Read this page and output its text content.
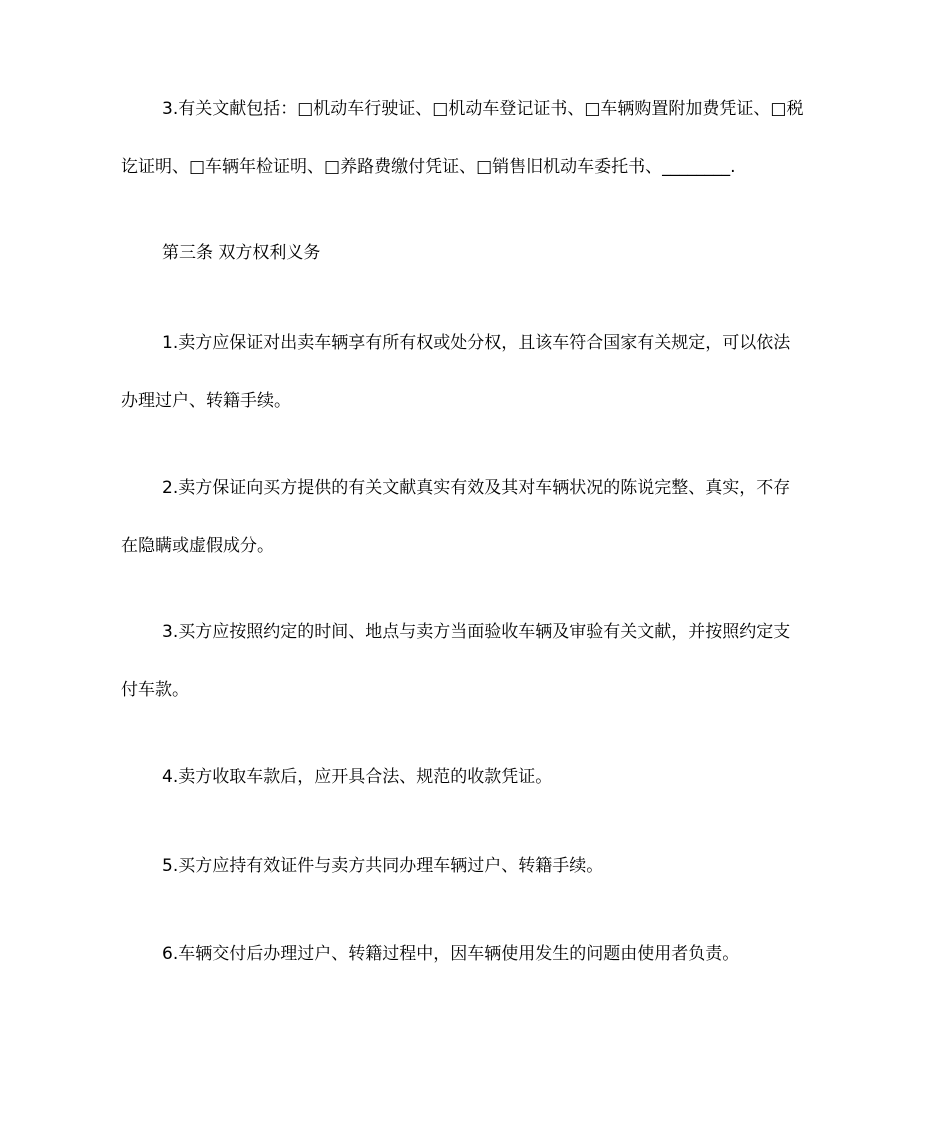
3.有关文献包括：□机动车行驶证、□机动车登记证书、□车辆购置附加费凭证、□税
讫证明、□车辆年检证明、□养路费缴付凭证、□销售旧机动车委托书、________.

第三条 双方权利义务

1.卖方应保证对出卖车辆享有所有权或处分权，且该车符合国家有关规定，可以依法
办理过户、转籍手续。

2.卖方保证向买方提供的有关文献真实有效及其对车辆状况的陈说完整、真实，不存
在隐瞒或虚假成分。

3.买方应按照约定的时间、地点与卖方当面验收车辆及审验有关文献，并按照约定支
付车款。

4.卖方收取车款后，应开具合法、规范的收款凭证。

5.买方应持有效证件与卖方共同办理车辆过户、转籍手续。

6.车辆交付后办理过户、转籍过程中，因车辆使用发生的问题由使用者负责。
